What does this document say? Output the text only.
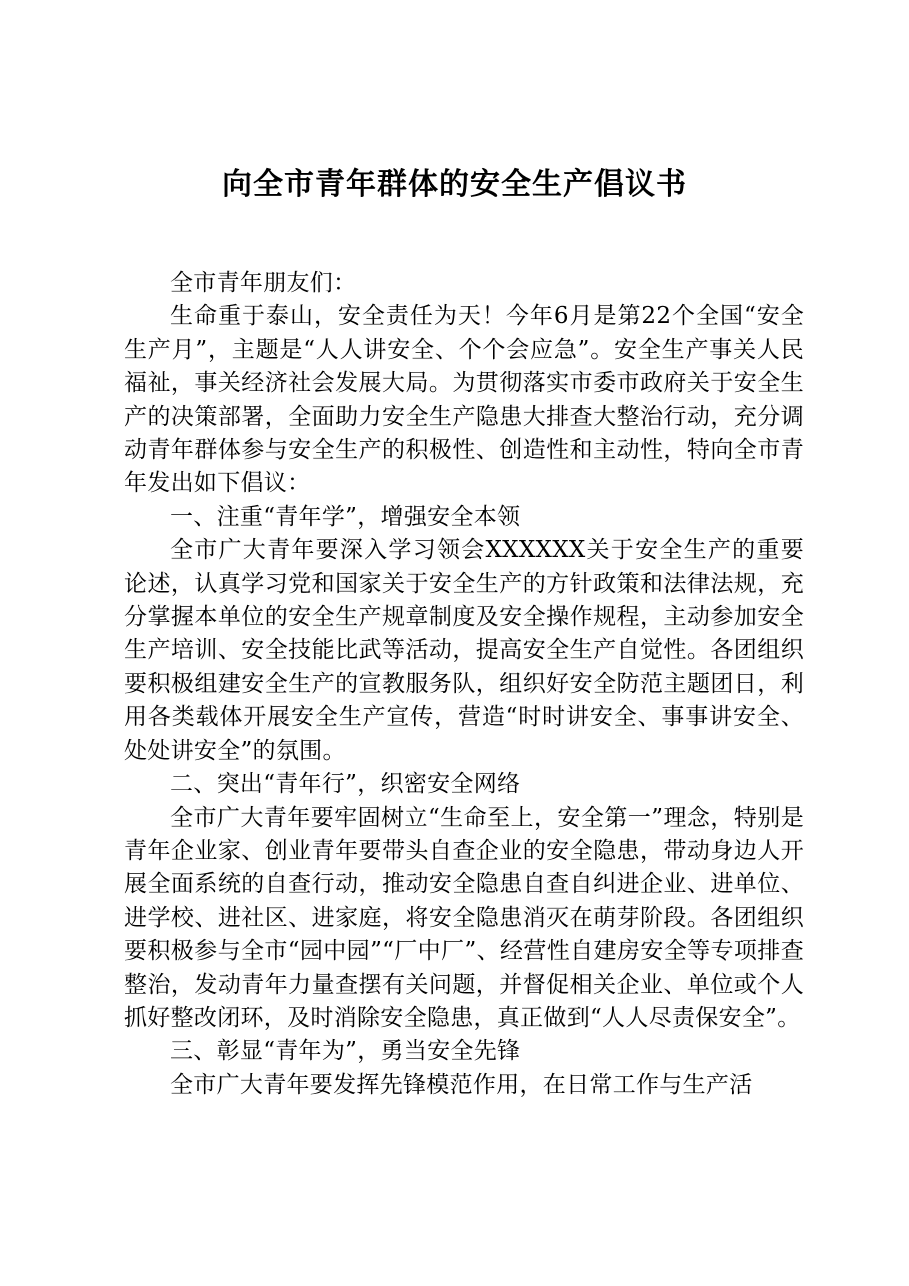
向全市青年群体的安全生产倡议书

全市青年朋友们：

生命重于泰山，安全责任为天！今年6月是第22个全国“安全生产月”，主题是“人人讲安全、个个会应急”。安全生产事关人民福祉，事关经济社会发展大局。为贯彻落实市委市政府关于安全生产的决策部署，全面助力安全生产隐患大排查大整治行动，充分调动青年群体参与安全生产的积极性、创造性和主动性，特向全市青年发出如下倡议：

一、注重“青年学”，增强安全本领

全市广大青年要深入学习领会XXXXXX关于安全生产的重要论述，认真学习党和国家关于安全生产的方针政策和法律法规，充分掌握本单位的安全生产规章制度及安全操作规程，主动参加安全生产培训、安全技能比武等活动，提高安全生产自觉性。各团组织要积极组建安全生产的宣教服务队，组织好安全防范主题团日，利用各类载体开展安全生产宣传，营造“时时讲安全、事事讲安全、处处讲安全”的氛围。

二、突出“青年行”，织密安全网络

全市广大青年要牢固树立“生命至上，安全第一”理念，特别是青年企业家、创业青年要带头自查企业的安全隐患，带动身边人开展全面系统的自查行动，推动安全隐患自查自纠进企业、进单位、进学校、进社区、进家庭，将安全隐患消灭在萌芽阶段。各团组织要积极参与全市“园中园”“厂中厂”、经营性自建房安全等专项排查整治，发动青年力量查摆有关问题，并督促相关企业、单位或个人抓好整改闭环，及时消除安全隐患，真正做到“人人尽责保安全”。

三、彰显“青年为”，勇当安全先锋

全市广大青年要发挥先锋模范作用，在日常工作与生产活
